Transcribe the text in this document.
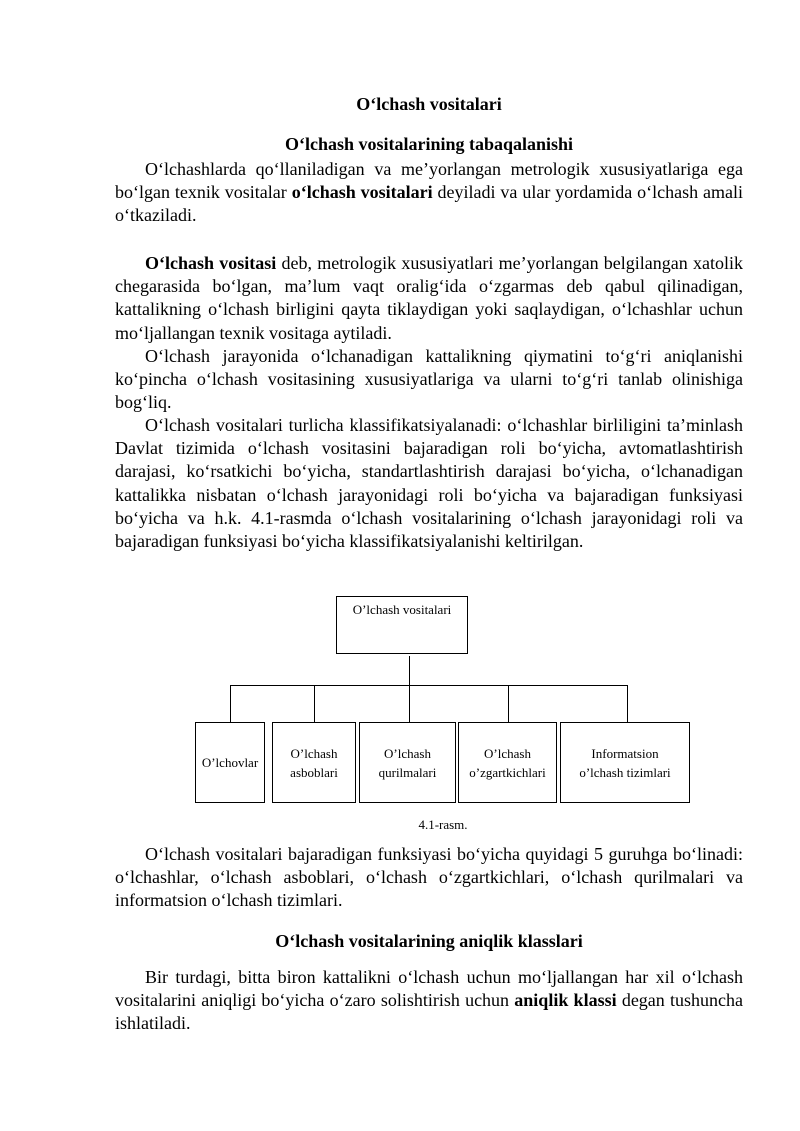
O‘lchash vositalari
O‘lchash vositalarining tabaqalanishi
O‘lchashlarda qo‘llaniladigan va me’yorlangan metrologik xususiyatlariga ega bo‘lgan texnik vositalar o‘lchash vositalari deyiladi va ular yordamida o‘lchash amali o‘tkaziladi.
O‘lchash vositasi deb, metrologik xususiyatlari me’yorlangan belgilangan xatolik chegarasida bo‘lgan, ma’lum vaqt oralig‘ida o‘zgarmas deb qabul qilinadigan, kattalikning o‘lchash birligini qayta tiklaydigan yoki saqlaydigan, o‘lchashlar uchun mo‘ljallangan texnik vositaga aytiladi.
O‘lchash jarayonida o‘lchanadigan kattalikning qiymatini to‘g‘ri aniqlanishi ko‘pincha o‘lchash vositasining xususiyatlariga va ularni to‘g‘ri tanlab olinishiga bog‘liq.
O‘lchash vositalari turlicha klassifikatsiyalanadi: o‘lchashlar birliligini ta’minlash Davlat tizimida o‘lchash vositasini bajaradigan roli bo‘yicha, avtomatlashtirish darajasi, ko‘rsatkichi bo‘yicha, standartlashtirish darajasi bo‘yicha, o‘lchanadigan kattalikka nisbatan o‘lchash jarayonidagi roli bo‘yicha va bajaradigan funksiyasi bo‘yicha va h.k. 4.1-rasmda o‘lchash vositalarining o‘lchash jarayonidagi roli va bajaradigan funksiyasi bo‘yicha klassifikatsiyalanishi keltirilgan.
O‘lchash vositalari bajaradigan funksiyasi bo‘yicha quyidagi 5 guruhga bo‘linadi: o‘lchashlar, o‘lchash asboblari, o‘lchash o‘zgartkichlari, o‘lchash qurilmalari va informatsion o‘lchash tizimlari.
O‘lchash vositalarining aniqlik klasslari
Bir turdagi, bitta biron kattalikni o‘lchash uchun mo‘ljallangan har xil o‘lchash vositalarini aniqligi bo‘yicha o‘zaro solishtirish uchun aniqlik klassi degan tushuncha ishlatiladi.
O’lchash vositalari
O’lchovlar
O’lchash
asboblari
O’lchash
qurilmalari
O’lchash
o’zgartkichlari
Informatsion
o’lchash tizimlari
4.1-rasm.
